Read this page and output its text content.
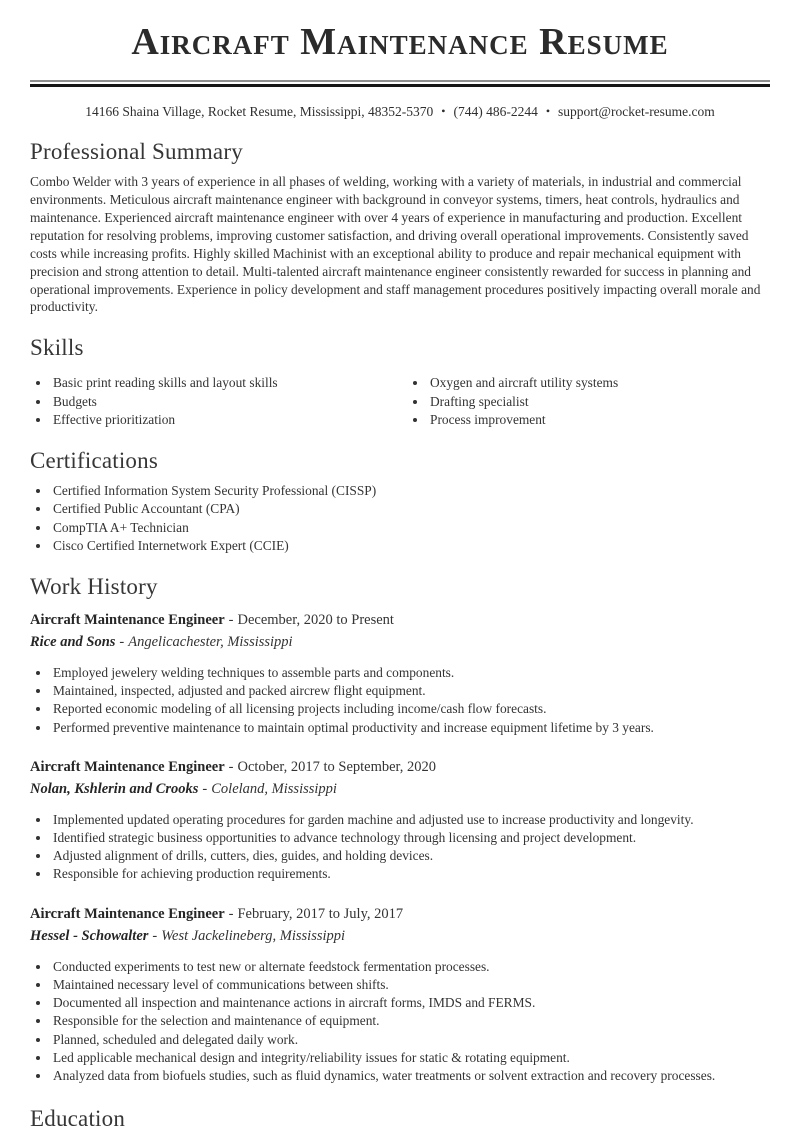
Aircraft Maintenance Resume
14166 Shaina Village, Rocket Resume, Mississippi, 48352-5370 • (744) 486-2244 • support@rocket-resume.com
Professional Summary

Combo Welder with 3 years of experience in all phases of welding, working with a variety of materials, in industrial and commercial environments. Meticulous aircraft maintenance engineer with background in conveyor systems, timers, heat controls, hydraulics and maintenance. Experienced aircraft maintenance engineer with over 4 years of experience in manufacturing and production. Excellent reputation for resolving problems, improving customer satisfaction, and driving overall operational improvements. Consistently saved costs while increasing profits. Highly skilled Machinist with an exceptional ability to produce and repair mechanical equipment with precision and strong attention to detail. Multi-talented aircraft maintenance engineer consistently rewarded for success in planning and operational improvements. Experience in policy development and staff management procedures positively impacting overall morale and productivity.

Skills
• Basic print reading skills and layout skills
• Budgets
• Effective prioritization
• Oxygen and aircraft utility systems
• Drafting specialist
• Process improvement
Certifications
• Certified Information System Security Professional (CISSP)
• Certified Public Accountant (CPA)
• CompTIA A+ Technician
• Cisco Certified Internetwork Expert (CCIE)
Work History

Aircraft Maintenance Engineer - December, 2020 to Present

Rice and Sons - Angelicachester, Mississippi

• Employed jewelery welding techniques to assemble parts and components.
• Maintained, inspected, adjusted and packed aircrew flight equipment.
• Reported economic modeling of all licensing projects including income/cash flow forecasts.
• Performed preventive maintenance to maintain optimal productivity and increase equipment lifetime by 3 years.

Aircraft Maintenance Engineer - October, 2017 to September, 2020

Nolan, Kshlerin and Crooks - Coleland, Mississippi

• Implemented updated operating procedures for garden machine and adjusted use to increase productivity and longevity.
• Identified strategic business opportunities to advance technology through licensing and project development.
• Adjusted alignment of drills, cutters, dies, guides, and holding devices.
• Responsible for achieving production requirements.

Aircraft Maintenance Engineer - February, 2017 to July, 2017

Hessel - Schowalter - West Jackelineberg, Mississippi

• Conducted experiments to test new or alternate feedstock fermentation processes.
• Maintained necessary level of communications between shifts.
• Documented all inspection and maintenance actions in aircraft forms, IMDS and FERMS.
• Responsible for the selection and maintenance of equipment.
• Planned, scheduled and delegated daily work.
• Led applicable mechanical design and integrity/reliability issues for static & rotating equipment.
• Analyzed data from biofuels studies, such as fluid dynamics, water treatments or solvent extraction and recovery processes.
Education
